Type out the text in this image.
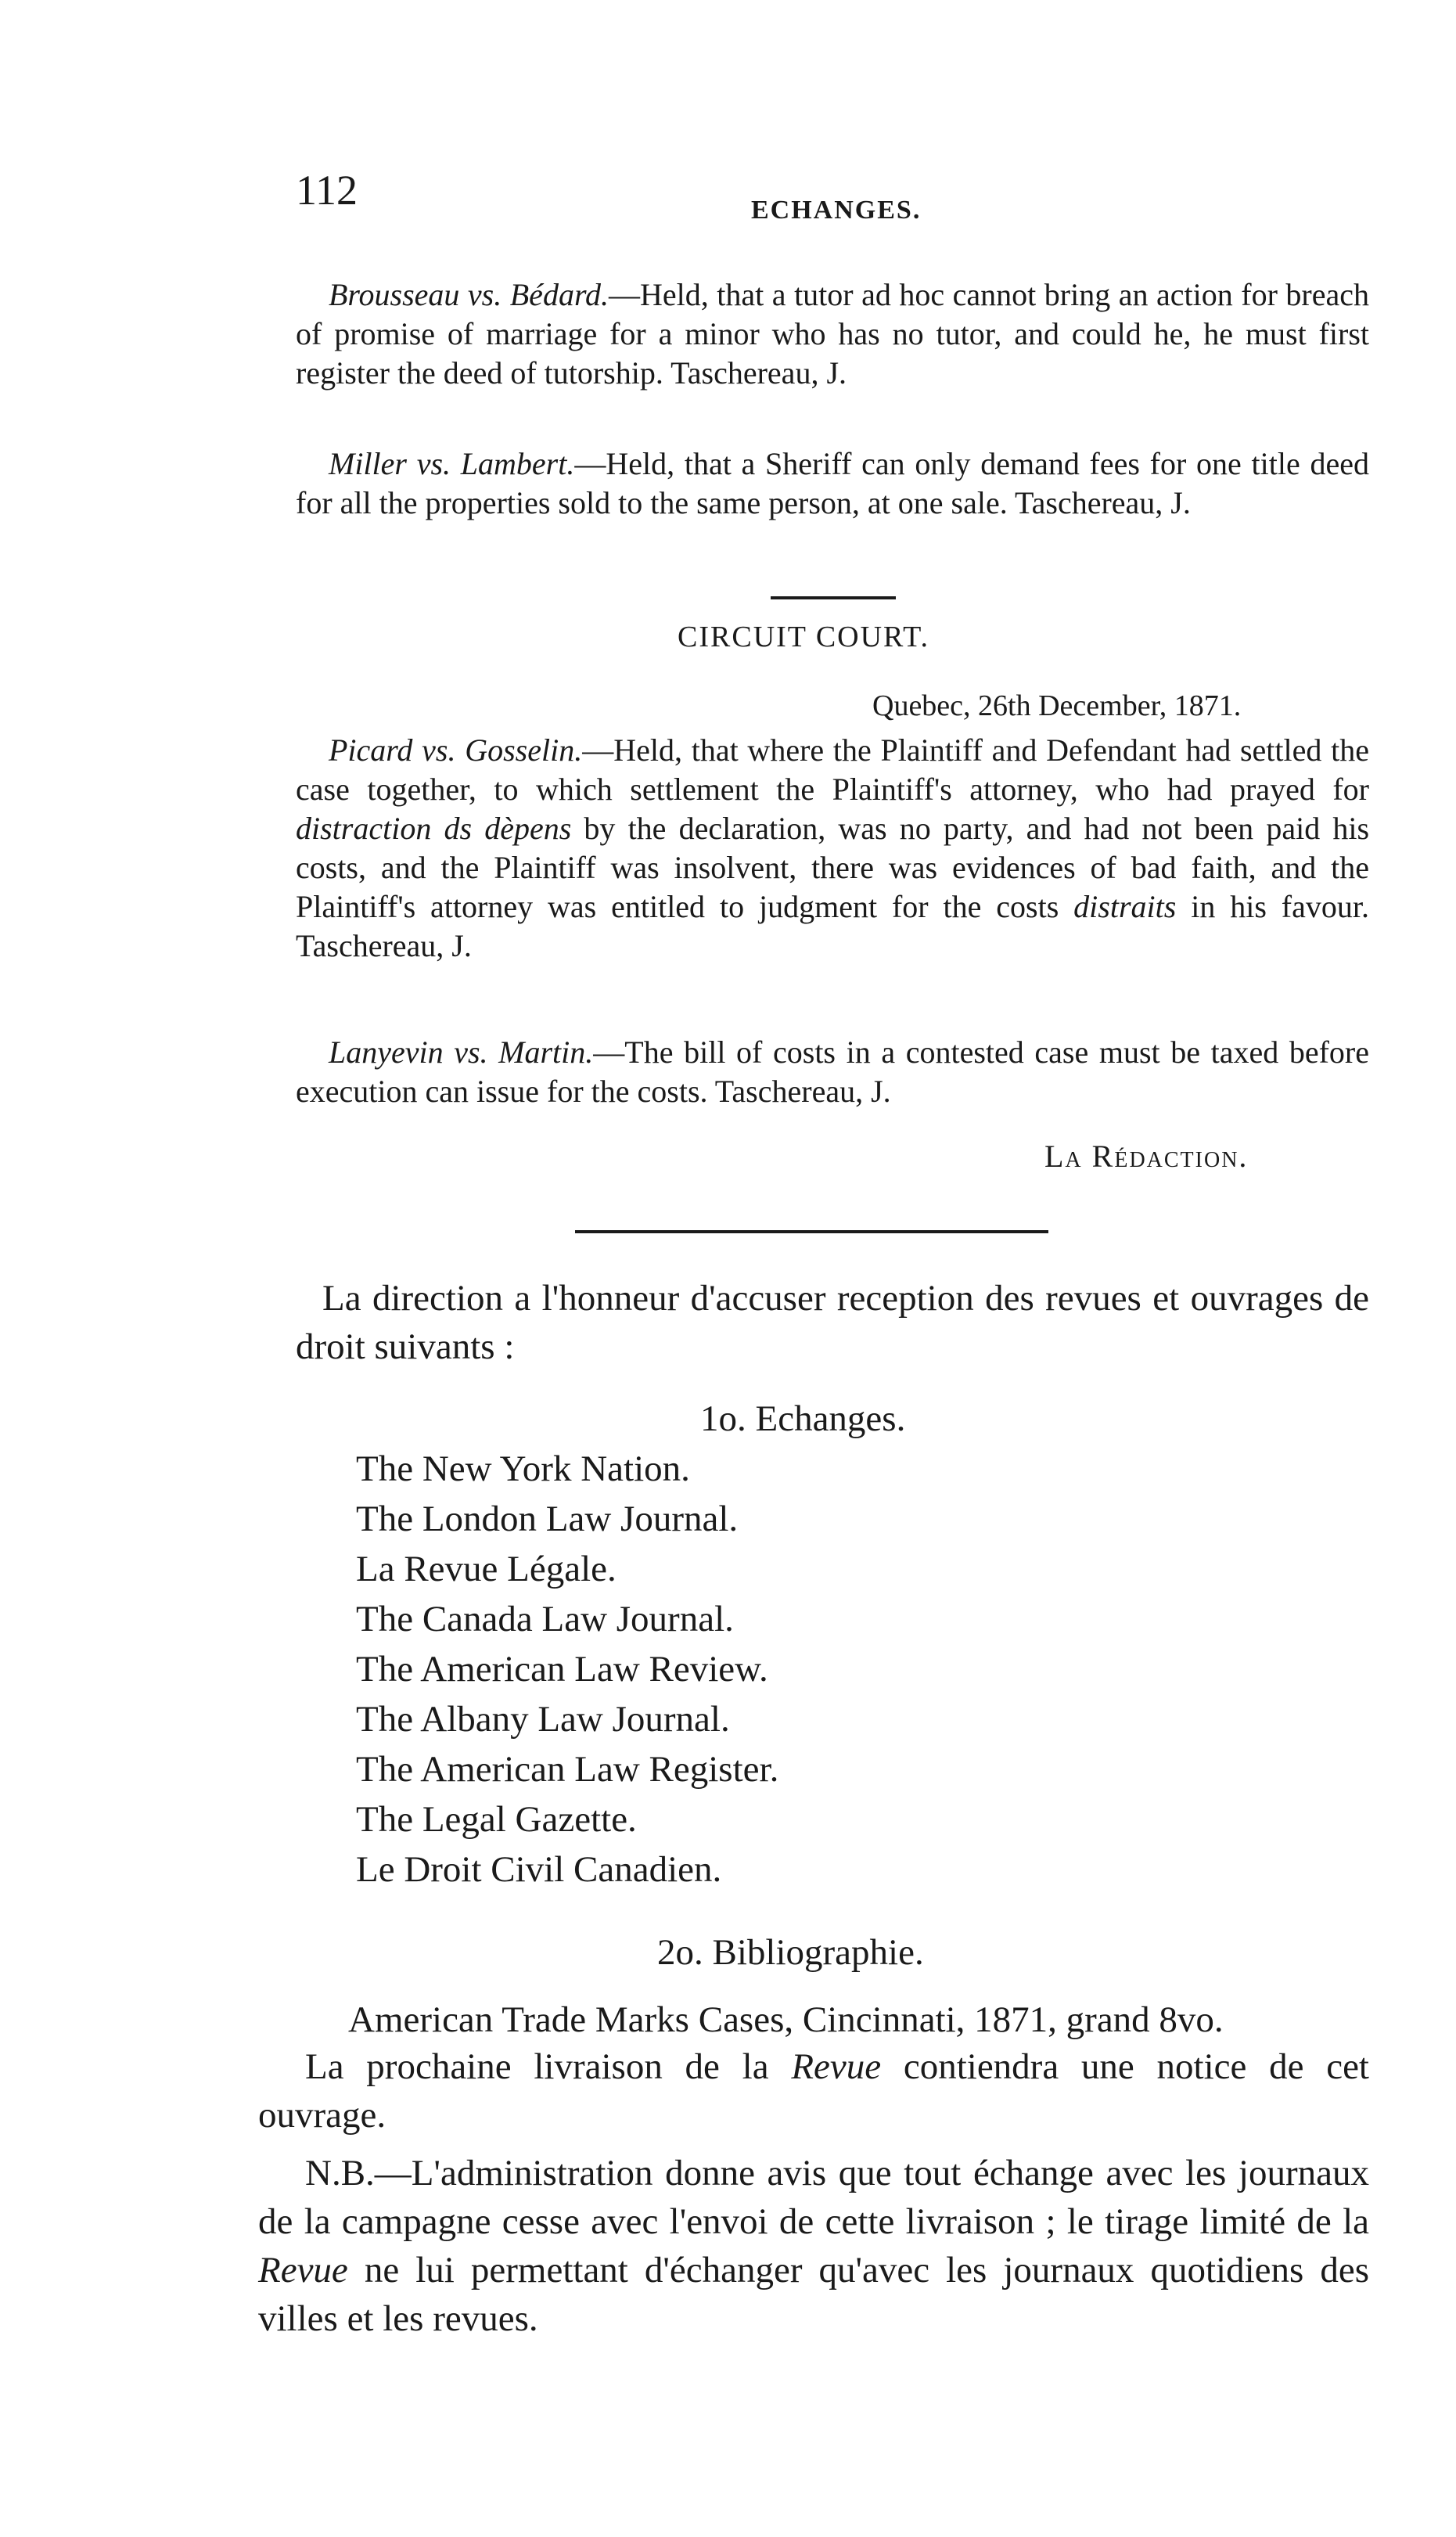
112	ECHANGES.
Brousseau vs. Bédard.—Held, that a tutor ad hoc cannot bring an action for breach of promise of marriage for a minor who has no tutor, and could he, he must first register the deed of tutorship. Taschereau, J.
Miller vs. Lambert.—Held, that a Sheriff can only demand fees for one title deed for all the properties sold to the same person, at one sale. Taschereau, J.
CIRCUIT COURT.
Quebec, 26th December, 1871.
Picard vs. Gosselin.—Held, that where the Plaintiff and Defendant had settled the case together, to which settlement the Plaintiff's attorney, who had prayed for distraction ds dèpens by the declaration, was no party, and had not been paid his costs, and the Plaintiff was insolvent, there was evidences of bad faith, and the Plaintiff's attorney was entitled to judgment for the costs distraits in his favour. Taschereau, J.
Lanyevin vs. Martin.—The bill of costs in a contested case must be taxed before execution can issue for the costs. Taschereau, J.
La Rédaction.
La direction a l'honneur d'accuser reception des revues et ouvrages de droit suivants :
1o. Echanges.
The New York Nation.
The London Law Journal.
La Revue Légale.
The Canada Law Journal.
The American Law Review.
The Albany Law Journal.
The American Law Register.
The Legal Gazette.
Le Droit Civil Canadien.
2o. Bibliographie.
American Trade Marks Cases, Cincinnati, 1871, grand 8vo.
La prochaine livraison de la Revue contiendra une notice de cet ouvrage.
N.B.—L'administration donne avis que tout échange avec les journaux de la campagne cesse avec l'envoi de cette livraison ; le tirage limité de la Revue ne lui permettant d'échanger qu'avec les journaux quotidiens des villes et les revues.
